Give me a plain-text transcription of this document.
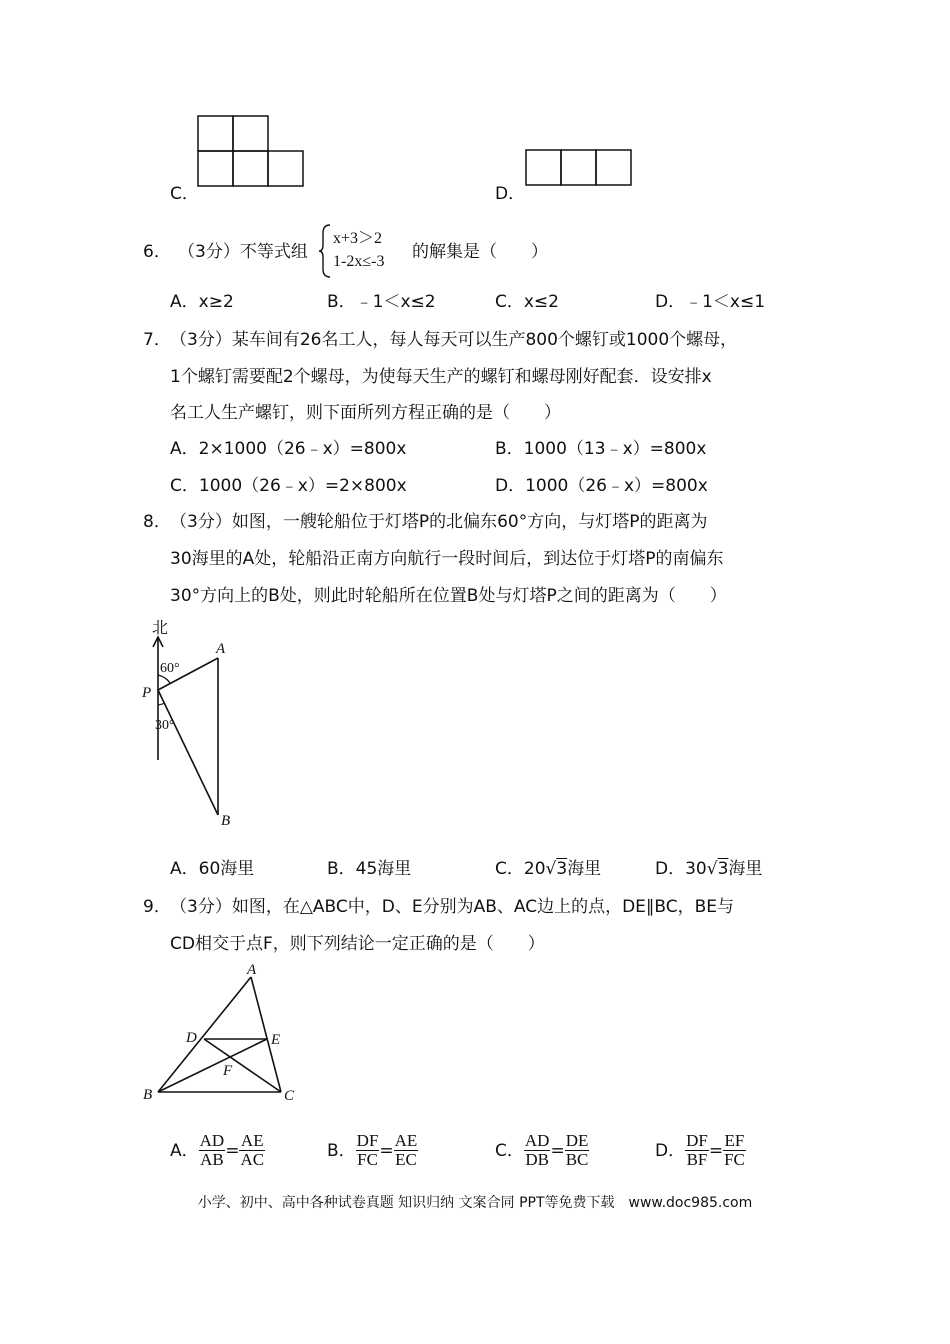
C．	D．
6． （3分）不等式组
x+3＞2
1-2x≤-3 的解集是（　　）
A．x≥2	B．﹣1＜x≤2	C．x≤2	D．﹣1＜x≤1
7． （3分）某车间有26名工人，每人每天可以生产800个螺钉或1000个螺母，
1个螺钉需要配2个螺母，为使每天生产的螺钉和螺母刚好配套．设安排x
名工人生产螺钉，则下面所列方程正确的是（　　）
A．2×1000（26﹣x）=800x	B．1000（13﹣x）=800x
C．1000（26﹣x）=2×800x	D．1000（26﹣x）=800x
8． （3分）如图，一艘轮船位于灯塔P的北偏东60°方向，与灯塔P的距离为
30海里的A处，轮船沿正南方向航行一段时间后，到达位于灯塔P的南偏东
30°方向上的B处，则此时轮船所在位置B处与灯塔P之间的距离为（　　）
北
60°
30°
P
A
B
A．60海里	B．45海里	C．20√3海里	D．30√3海里
9． （3分）如图，在△ABC中，D、E分别为AB、AC边上的点，DE∥BC，BE与
CD相交于点F，则下列结论一定正确的是（　　）
A
D	E
F
B	C
A． $\frac{AD}{AB} = \frac{AE}{AC}$	B． $\frac{DF}{FC} = \frac{AE}{EC}$	C． $\frac{AD}{DB} = \frac{DE}{BC}$	D． $\frac{DF}{BF} = \frac{EF}{FC}$
小学、初中、高中各种试卷真题 知识归纳 文案合同 PPT等免费下载　www.doc985.com
